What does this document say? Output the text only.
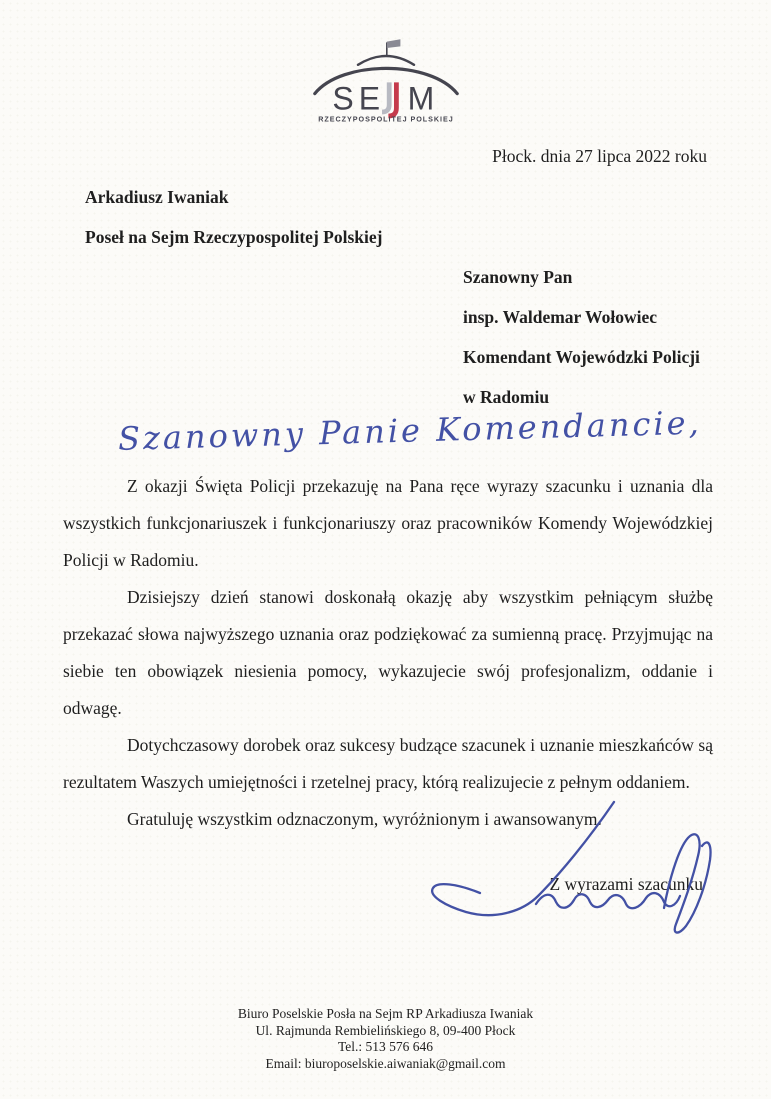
S E M
RZECZYPOSPOLITEJ POLSKIEJ
Płock. dnia 27 lipca 2022 roku
Arkadiusz Iwaniak
Poseł na Sejm Rzeczypospolitej Polskiej
Szanowny Pan
insp. Waldemar Wołowiec
Komendant Wojewódzki Policji
w Radomiu
Szanowny Panie Komendancie,

Z okazji Święta Policji przekazuję na Pana ręce wyrazy szacunku i uznania dla wszystkich funkcjonariuszek i funkcjonariuszy oraz pracowników Komendy Wojewódzkiej Policji w Radomiu.

Dzisiejszy dzień stanowi doskonałą okazję aby wszystkim pełniącym służbę przekazać słowa najwyższego uznania oraz podziękować za sumienną pracę. Przyjmując na siebie ten obowiązek niesienia pomocy, wykazujecie swój profesjonalizm, oddanie i odwagę.

Dotychczasowy dorobek oraz sukcesy budzące szacunek i uznanie mieszkańców są rezultatem Waszych umiejętności i rzetelnej pracy, którą realizujecie z pełnym oddaniem.

Gratuluję wszystkim odznaczonym, wyróżnionym i awansowanym.

Z wyrazami szacunku
Biuro Poselskie Posła na Sejm RP Arkadiusza Iwaniak
Ul. Rajmunda Rembielińskiego 8, 09-400 Płock
Tel.: 513 576 646
Email: biuroposelskie.aiwaniak@gmail.com
